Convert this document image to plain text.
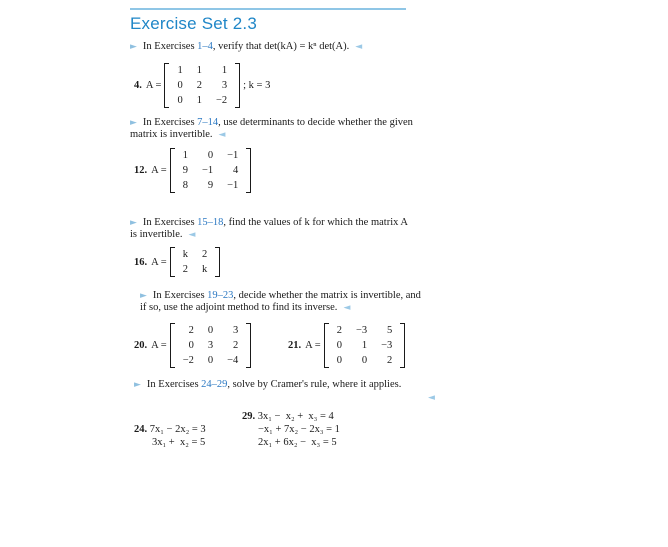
Exercise Set 2.3
► In Exercises 1–4, verify that det(kA) = kⁿ det(A). ◄
4. A =
1	1	1
0	2	3
0	1	−2
; k = 3
► In Exercises 7–14, use determinants to decide whether the given
matrix is invertible. ◄
12. A =
1	0	−1
9	−1	4
8	9	−1
► In Exercises 15–18, find the values of k for which the matrix A
is invertible. ◄
16. A =
k	2
2	k
► In Exercises 19–23, decide whether the matrix is invertible, and
if so, use the adjoint method to find its inverse. ◄
20. A =
2	0	3
0	3	2
−2	0	−4
21. A =
2	−3	5
0	1	−3
0	0	2
► In Exercises 24–29, solve by Cramer's rule, where it applies.
◄
29. 3x₁ −  x₂ +  x₃ = 4
−x₁ + 7x₂ − 2x₃ = 1
2x₁ + 6x₂ −  x₃ = 5
24. 7x₁ − 2x₂ = 3
3x₁ +  x₂ = 5
